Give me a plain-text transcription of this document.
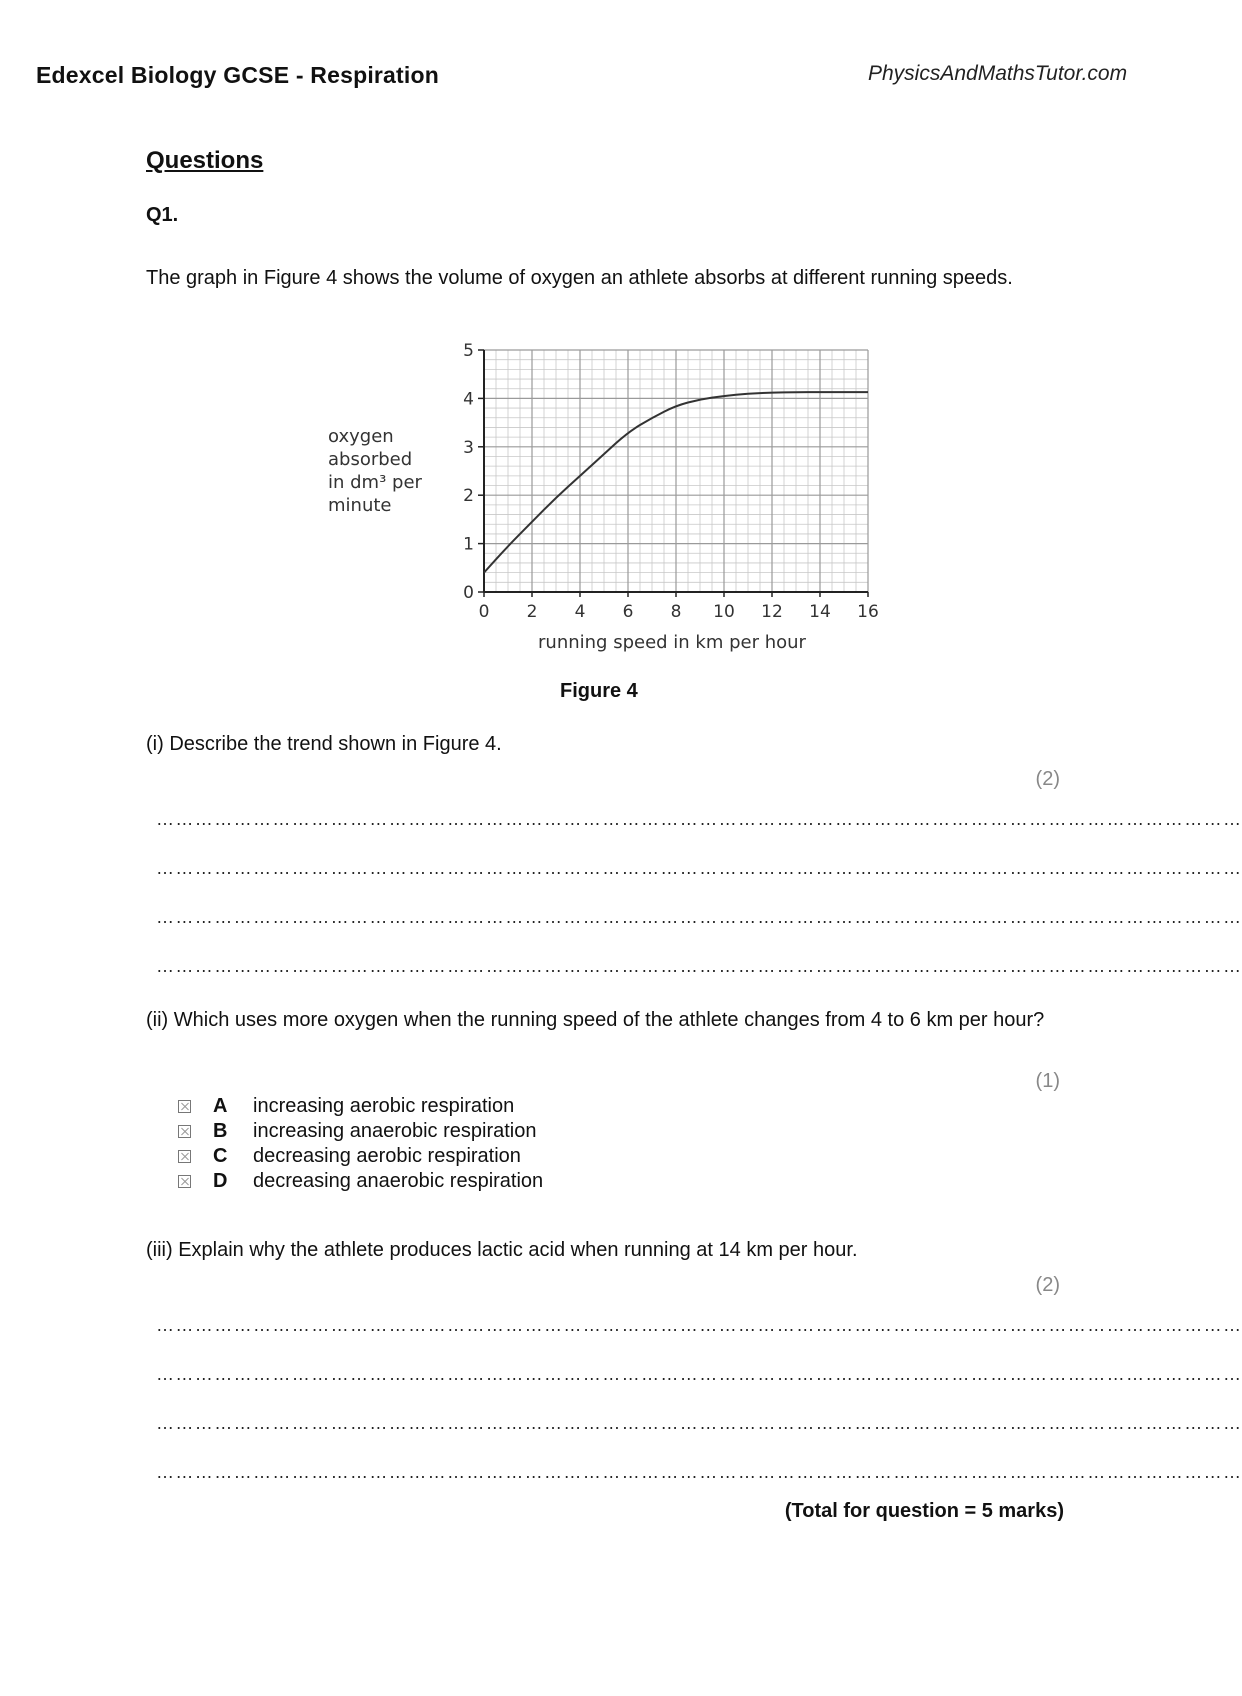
Edexcel Biology GCSE - Respiration	PhysicsAndMathsTutor.com
Questions
Q1.
The graph in Figure 4 shows the volume of oxygen an athlete absorbs at different running speeds.
0 2 4 6 8 10 12 14 16
0
1
2
3
4
5
oxygen
absorbed
in dm³ per
minute
running speed in km per hour
Figure 4
(i) Describe the trend shown in Figure 4.
(2)
……………………………………………………………………………………………………………………………………………………
……………………………………………………………………………………………………………………………………………………
……………………………………………………………………………………………………………………………………………………
……………………………………………………………………………………………………………………………………………………
(ii) Which uses more oxygen when the running speed of the athlete changes from 4 to 6 km per hour?
(1)
A	increasing aerobic respiration
B	increasing anaerobic respiration
C	decreasing aerobic respiration
D	decreasing anaerobic respiration
(iii) Explain why the athlete produces lactic acid when running at 14 km per hour.
(2)
……………………………………………………………………………………………………………………………………………………
……………………………………………………………………………………………………………………………………………………
……………………………………………………………………………………………………………………………………………………
……………………………………………………………………………………………………………………………………………………
(Total for question = 5 marks)
